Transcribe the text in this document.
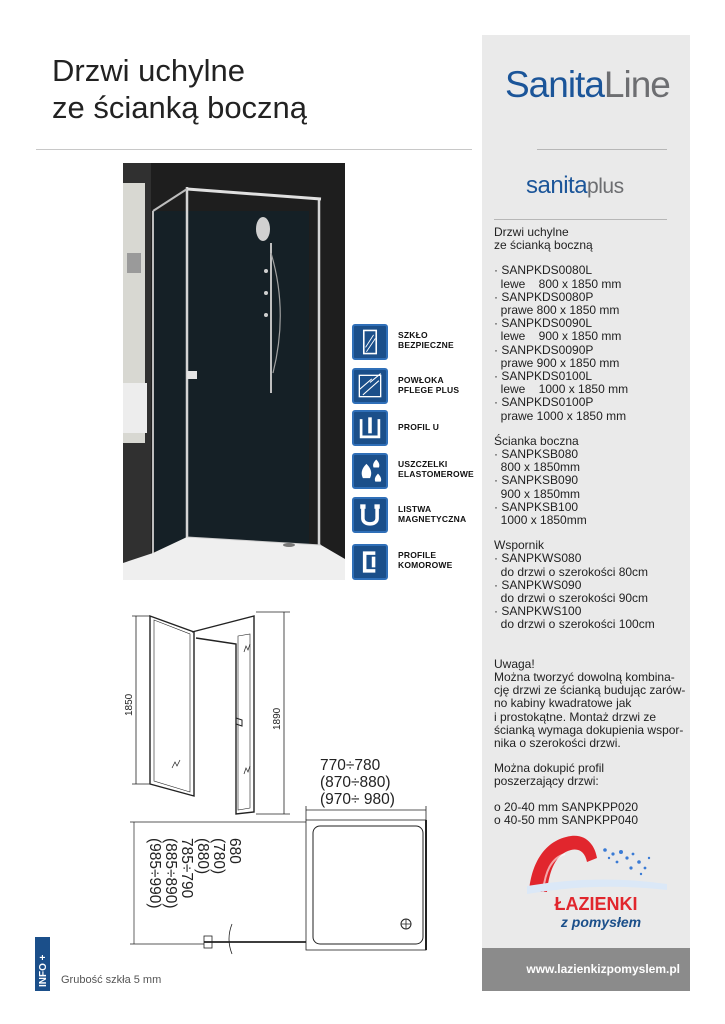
Drzwi uchylne
ze ścianką boczną
SanitaLine
sanitaplus
Drzwi uchylne
ze ścianką boczną
· SANPKDS0080L
lewe    800 x 1850 mm
· SANPKDS0080P
prawe 800 x 1850 mm
· SANPKDS0090L
lewe    900 x 1850 mm
· SANPKDS0090P
prawe 900 x 1850 mm
· SANPKDS0100L
lewe    1000 x 1850 mm
· SANPKDS0100P
prawe 1000 x 1850 mm
Ścianka boczna
· SANPKSB080
800 x 1850mm
· SANPKSB090
900 x 1850mm
· SANPKSB100
1000 x 1850mm
Wspornik
· SANPKWS080
do drzwi o szerokości 80cm
· SANPKWS090
do drzwi o szerokości 90cm
· SANPKWS100
do drzwi o szerokości 100cm
Uwaga!
Można tworzyć dowolną kombina-
cję drzwi ze ścianką budując zarów-
no kabiny kwadratowe jak
i prostokątne. Montaż drzwi ze
ścianką wymaga dokupienia wspor-
nika o szerokości drzwi.
Można dokupić profil
poszerzający drzwi:
o 20-40 mm SANPKPP020
o 40-50 mm SANPKPP040
ŁAZIENKI
z pomysłem
www.lazienkizpomyslem.pl
SZKŁO
BEZPIECZNE
POWŁOKA
PFLEGE PLUS
PROFIL U
USZCZELKI
ELASTOMEROWE
LISTWA
MAGNETYCZNA
PROFILE
KOMOROWE
1850
1890
770÷780
(870÷880)
(970÷ 980)
680
(780)
(880)
785÷790
(885÷890)
(985÷990)
INFO + Grubość szkła 5 mm
